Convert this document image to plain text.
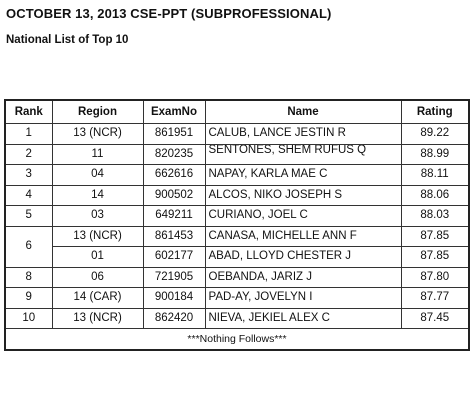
OCTOBER 13, 2013 CSE-PPT (SUBPROFESSIONAL)
National List of Top 10
Rank	Region	ExamNo	Name	Rating
1	13 (NCR)	861951	CALUB, LANCE JESTIN R	89.22
2	11	820235	SENTONES, SHEM RUFUS Q	88.99
3	04	662616	NAPAY, KARLA MAE C	88.11
4	14	900502	ALCOS, NIKO JOSEPH S	88.06
5	03	649211	CURIANO, JOEL C	88.03
6	13 (NCR)	861453	CANASA, MICHELLE ANN F	87.85
	01	602177	ABAD, LLOYD CHESTER J	87.85
8	06	721905	OEBANDA, JARIZ J	87.80
9	14 (CAR)	900184	PAD-AY, JOVELYN I	87.77
10	13 (NCR)	862420	NIEVA, JEKIEL ALEX C	87.45
***Nothing Follows***				
